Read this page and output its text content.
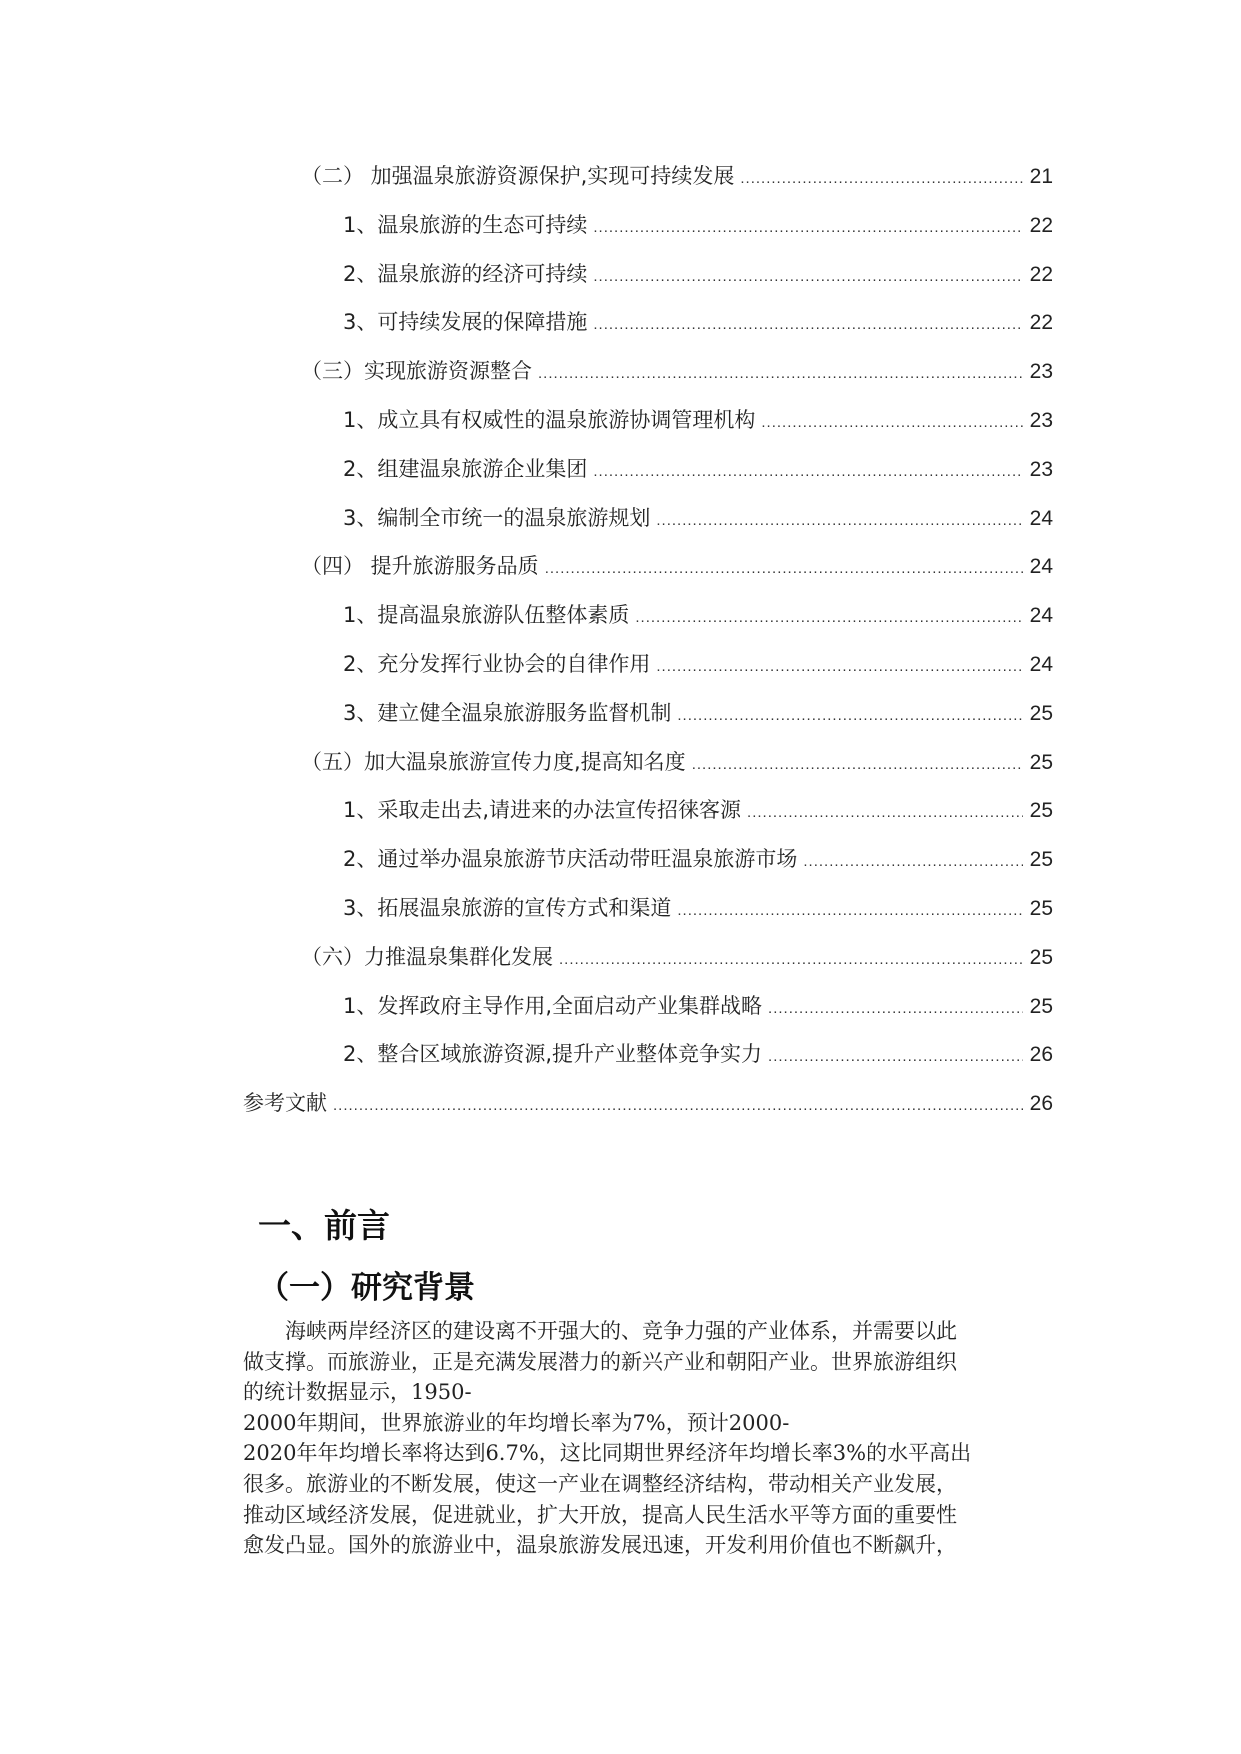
（二） 加强温泉旅游资源保护,实现可持续发展 .....	21
1、温泉旅游的生态可持续 .....	22
2、温泉旅游的经济可持续 .....	22
3、可持续发展的保障措施 .....	22
（三）实现旅游资源整合 .....	23
1、成立具有权威性的温泉旅游协调管理机构 .....	23
2、组建温泉旅游企业集团 .....	23
3、编制全市统一的温泉旅游规划 .....	24
（四） 提升旅游服务品质 .....	24
1、提高温泉旅游队伍整体素质 .....	24
2、充分发挥行业协会的自律作用 .....	24
3、建立健全温泉旅游服务监督机制 .....	25
（五）加大温泉旅游宣传力度,提高知名度 .....	25
1、采取走出去,请进来的办法宣传招徕客源 .....	25
2、通过举办温泉旅游节庆活动带旺温泉旅游市场 .....	25
3、拓展温泉旅游的宣传方式和渠道 .....	25
（六）力推温泉集群化发展 .....	25
1、发挥政府主导作用,全面启动产业集群战略 .....	25
2、整合区域旅游资源,提升产业整体竞争实力 .....	26
参考文献 .....	26
一、前言
（一）研究背景
　　海峡两岸经济区的建设离不开强大的、竞争力强的产业体系，并需要以此
做支撑。而旅游业，正是充满发展潜力的新兴产业和朝阳产业。世界旅游组织
的统计数据显示，1950-
2000年期间，世界旅游业的年均增长率为7%，预计2000-
2020年年均增长率将达到6.7%，这比同期世界经济年均增长率3%的水平高出
很多。旅游业的不断发展，使这一产业在调整经济结构，带动相关产业发展，
推动区域经济发展，促进就业，扩大开放，提高人民生活水平等方面的重要性
愈发凸显。国外的旅游业中，温泉旅游发展迅速，开发利用价值也不断飙升，
